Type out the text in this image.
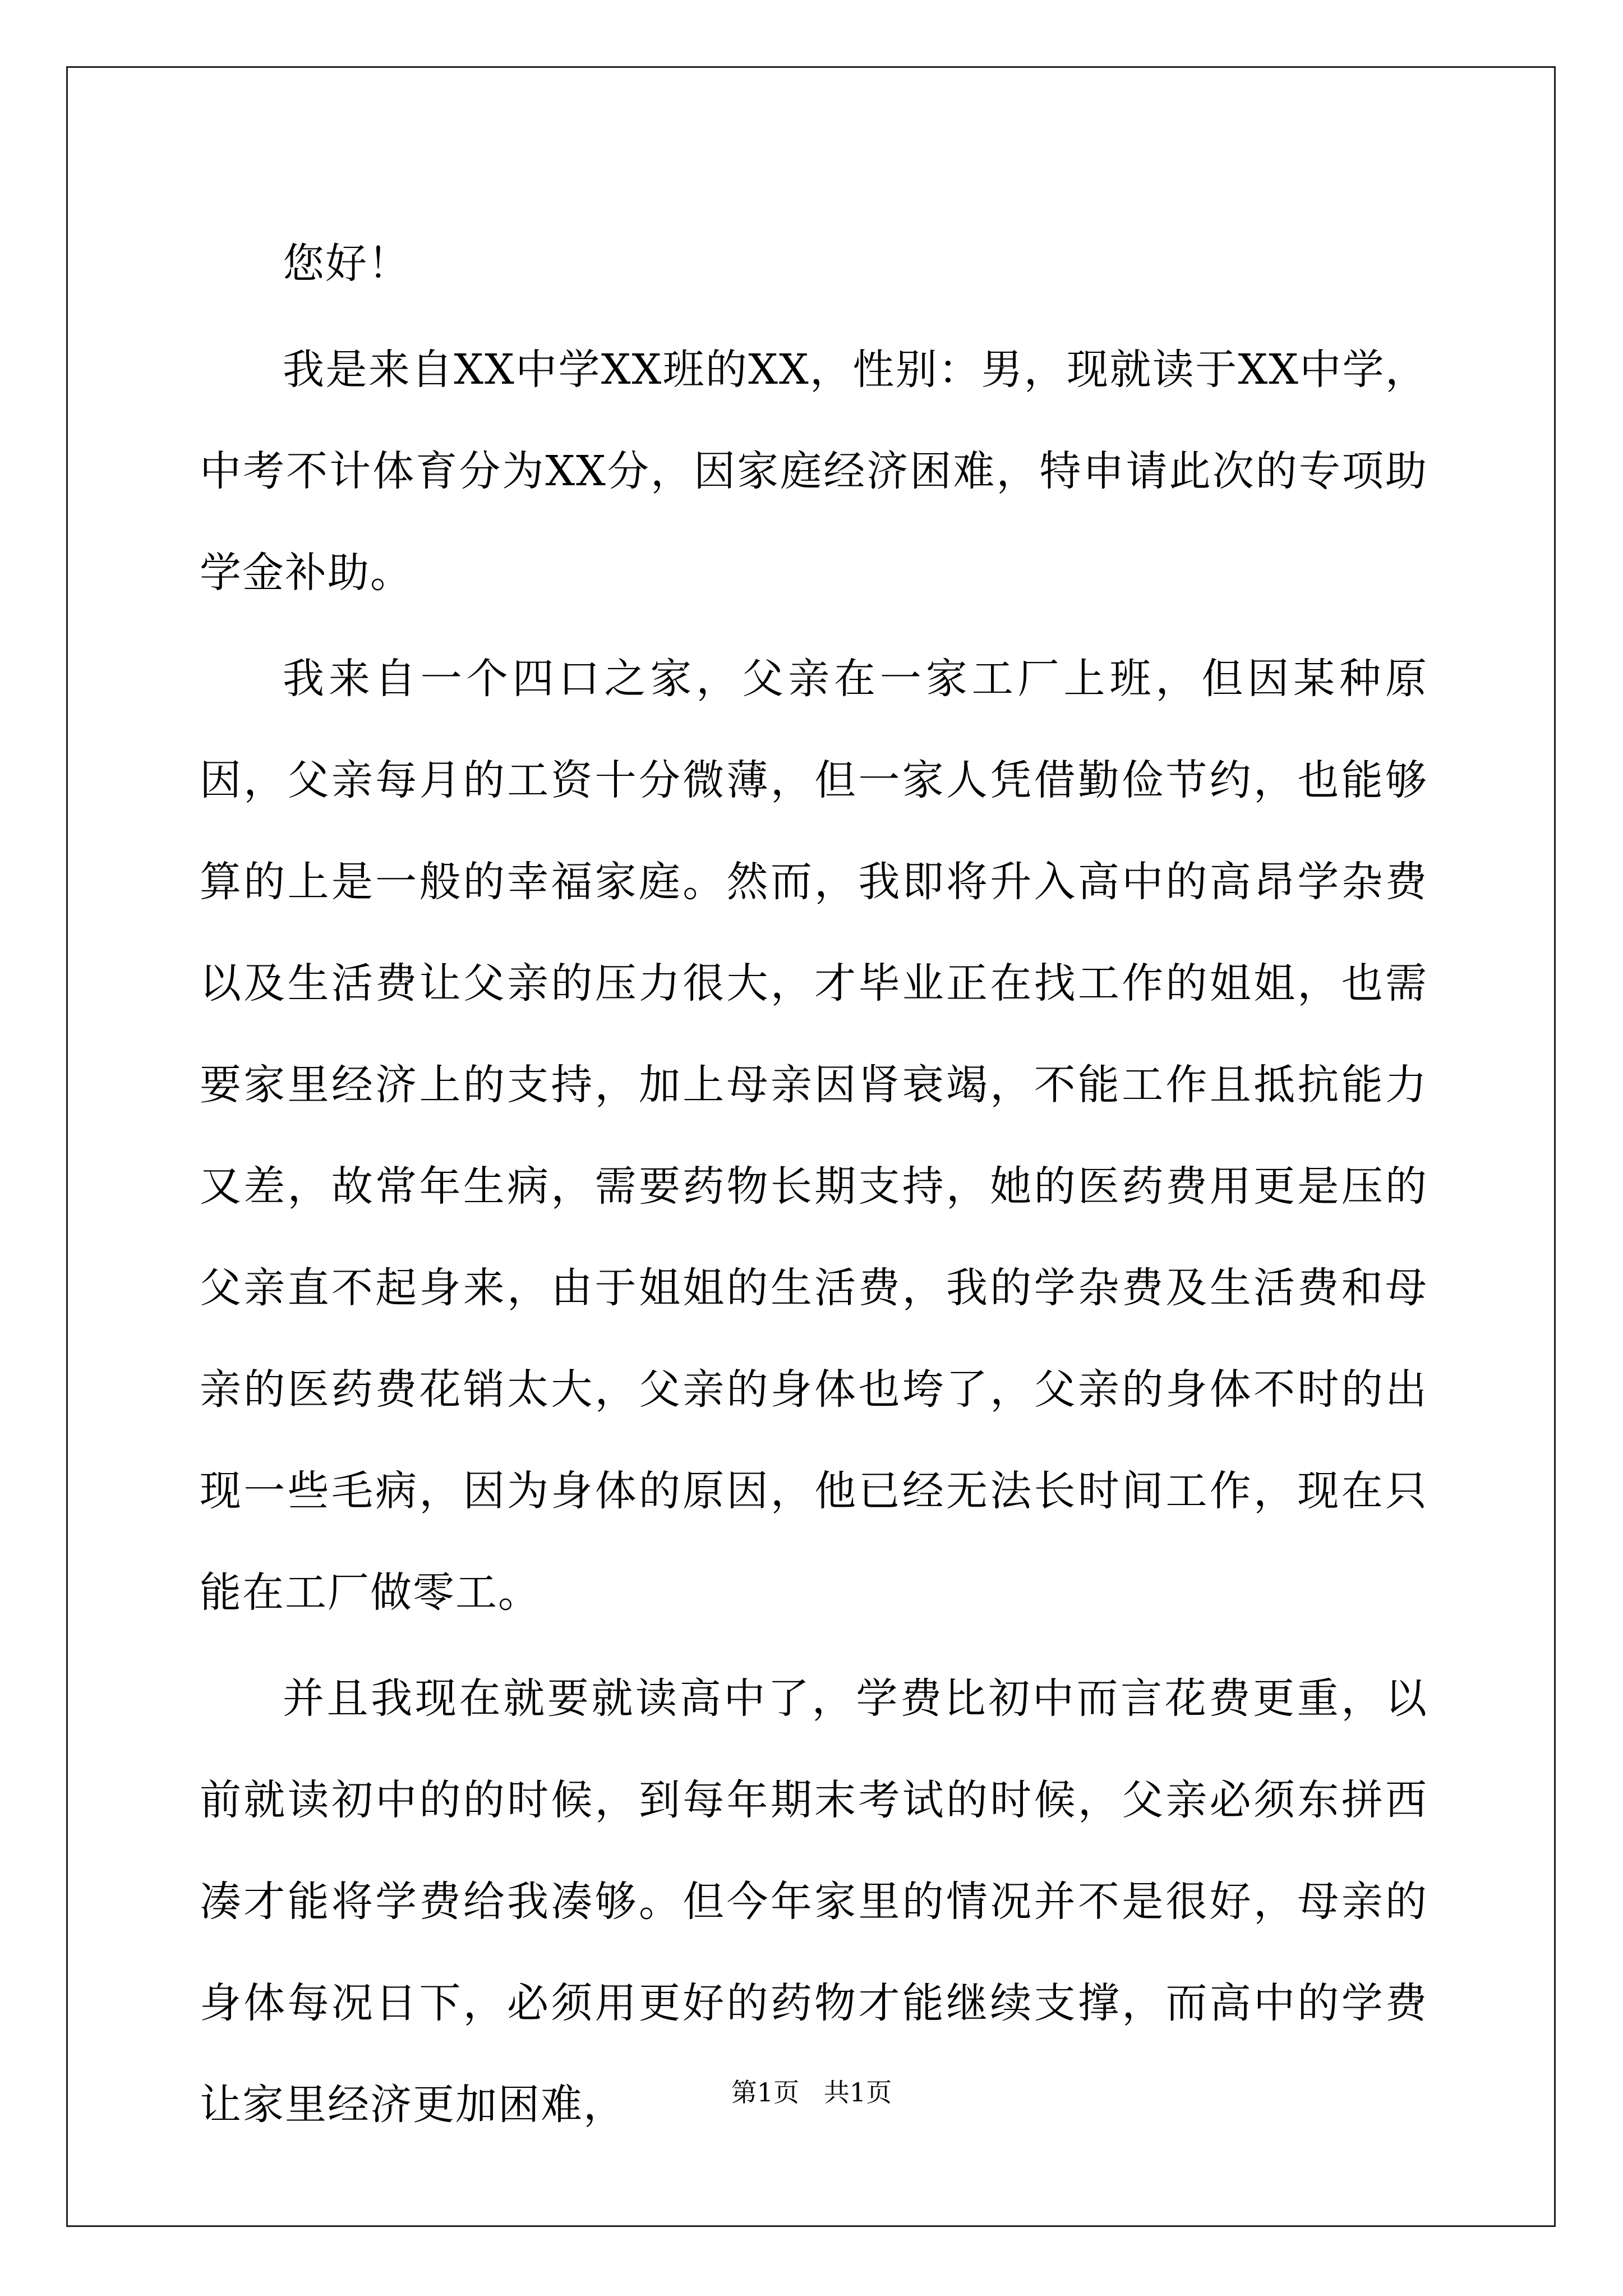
您好！

我是来自XX中学XX班的XX，性别：男，现就读于XX中学，中考不计体育分为XX分，因家庭经济困难，特申请此次的专项助学金补助。

我来自一个四口之家，父亲在一家工厂上班，但因某种原因，父亲每月的工资十分微薄，但一家人凭借勤俭节约，也能够算的上是一般的幸福家庭。然而，我即将升入高中的高昂学杂费以及生活费让父亲的压力很大，才毕业正在找工作的姐姐，也需要家里经济上的支持，加上母亲因肾衰竭，不能工作且抵抗能力又差，故常年生病，需要药物长期支持，她的医药费用更是压的父亲直不起身来，由于姐姐的生活费，我的学杂费及生活费和母亲的医药费花销太大，父亲的身体也垮了，父亲的身体不时的出现一些毛病，因为身体的原因，他已经无法长时间工作，现在只能在工厂做零工。

并且我现在就要就读高中了，学费比初中而言花费更重，以前就读初中的的时候，到每年期末考试的时候，父亲必须东拼西凑才能将学费给我凑够。但今年家里的情况并不是很好，母亲的身体每况日下，必须用更好的药物才能继续支撑，而高中的学费让家里经济更加困难，	第1页   共1页
